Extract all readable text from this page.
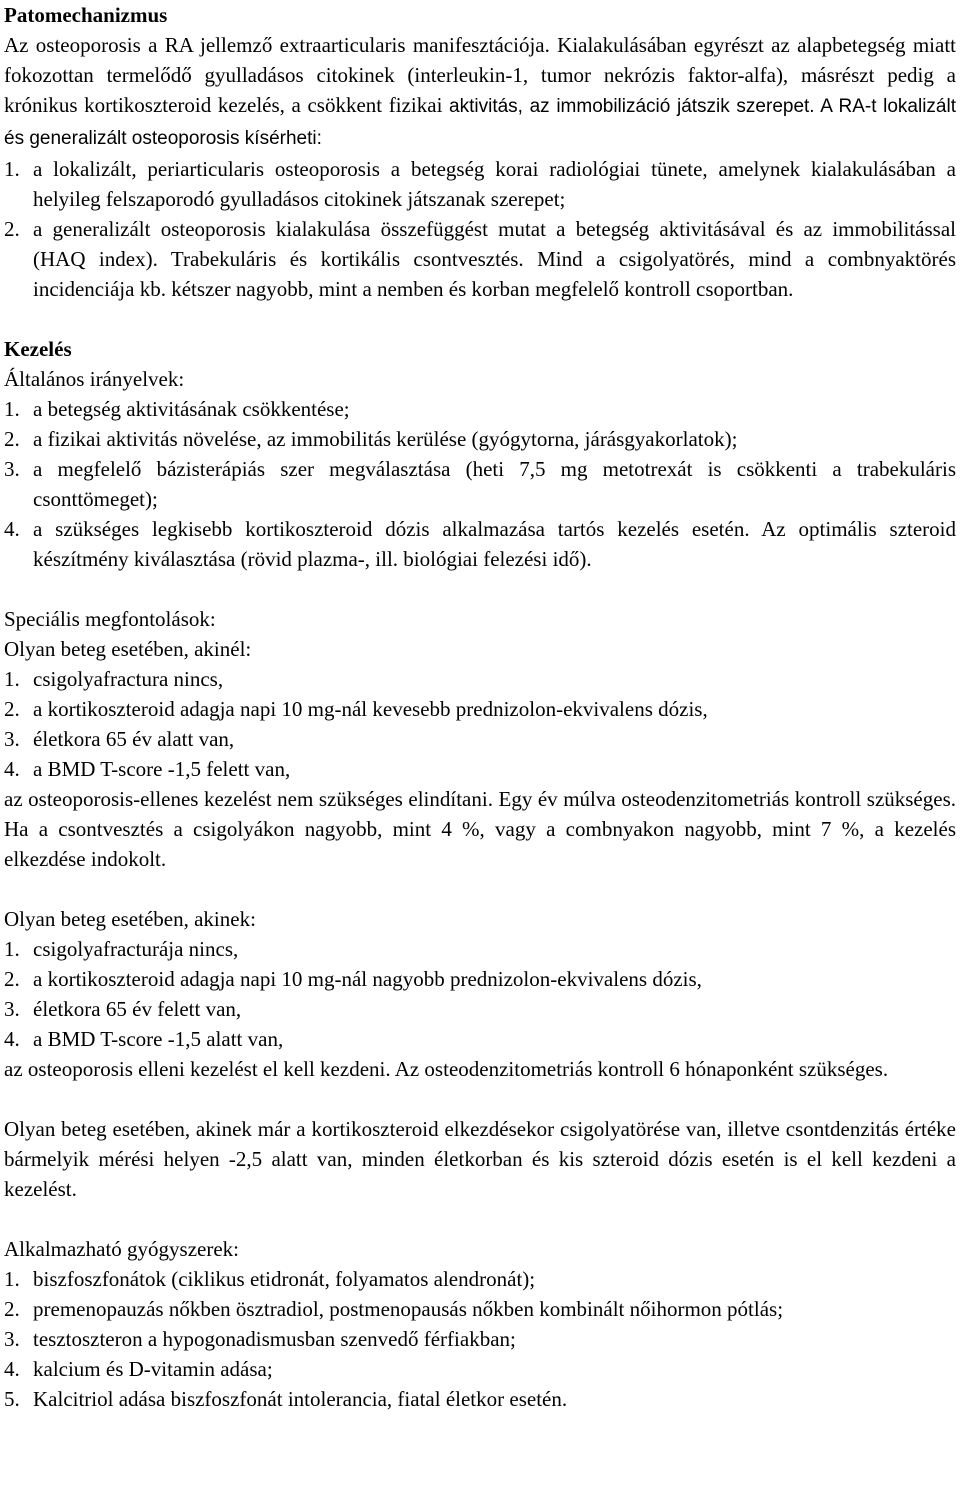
Patomechanizmus

Az osteoporosis a RA jellemző extraarticularis manifesztációja. Kialakulásában egyrészt az alapbetegség miatt fokozottan termelődő gyulladásos citokinek (interleukin-1, tumor nekrózis faktor-alfa), másrészt pedig a krónikus kortikoszteroid kezelés, a csökkent fizikai aktivitás, az immobilizáció játszik szerepet. A RA-t lokalizált és generalizált osteoporosis kísérheti:

1. a lokalizált, periarticularis osteoporosis a betegség korai radiológiai tünete, amelynek kialakulásában a helyileg felszaporodó gyulladásos citokinek játszanak szerepet;
2. a generalizált osteoporosis kialakulása összefüggést mutat a betegség aktivitásával és az immobilitással (HAQ index). Trabekuláris és kortikális csontvesztés. Mind a csigolyatörés, mind a combnyaktörés incidenciája kb. kétszer nagyobb, mint a nemben és korban megfelelő kontroll csoportban.
Kezelés

Általános irányelvek:

1. a betegség aktivitásának csökkentése;
2. a fizikai aktivitás növelése, az immobilitás kerülése (gyógytorna, járásgyakorlatok);
3. a megfelelő bázisterápiás szer megválasztása (heti 7,5 mg metotrexát is csökkenti a trabekuláris csonttömeget);
4. a szükséges legkisebb kortikoszteroid dózis alkalmazása tartós kezelés esetén. Az optimális szteroid készítmény kiválasztása (rövid plazma-, ill. biológiai felezési idő).

Speciális megfontolások:

Olyan beteg esetében, akinél:

1. csigolyafractura nincs,
2. a kortikoszteroid adagja napi 10 mg-nál kevesebb prednizolon-ekvivalens dózis,
3. életkora 65 év alatt van,
4. a BMD T-score -1,5 felett van,

az osteoporosis-ellenes kezelést nem szükséges elindítani. Egy év múlva osteodenzitometriás kontroll szükséges. Ha a csontvesztés a csigolyákon nagyobb, mint 4 %, vagy a combnyakon nagyobb, mint 7 %, a kezelés elkezdése indokolt.

Olyan beteg esetében, akinek:

1. csigolyafracturája nincs,
2. a kortikoszteroid adagja napi 10 mg-nál nagyobb prednizolon-ekvivalens dózis,
3. életkora 65 év felett van,
4. a BMD T-score -1,5 alatt van,

az osteoporosis elleni kezelést el kell kezdeni. Az osteodenzitometriás kontroll 6 hónaponként szükséges.

Olyan beteg esetében, akinek már a kortikoszteroid elkezdésekor csigolyatörése van, illetve csontdenzitás értéke bármelyik mérési helyen -2,5 alatt van, minden életkorban és kis szteroid dózis esetén is el kell kezdeni a kezelést.

Alkalmazható gyógyszerek:

1. biszfoszfonátok (ciklikus etidronát, folyamatos alendronát);
2. premenopauzás nőkben ösztradiol, postmenopausás nőkben kombinált nőihormon pótlás;
3. tesztoszteron a hypogonadismusban szenvedő férfiakban;
4. kalcium és D-vitamin adása;
5. Kalcitriol adása biszfoszfonát intolerancia, fiatal életkor esetén.
